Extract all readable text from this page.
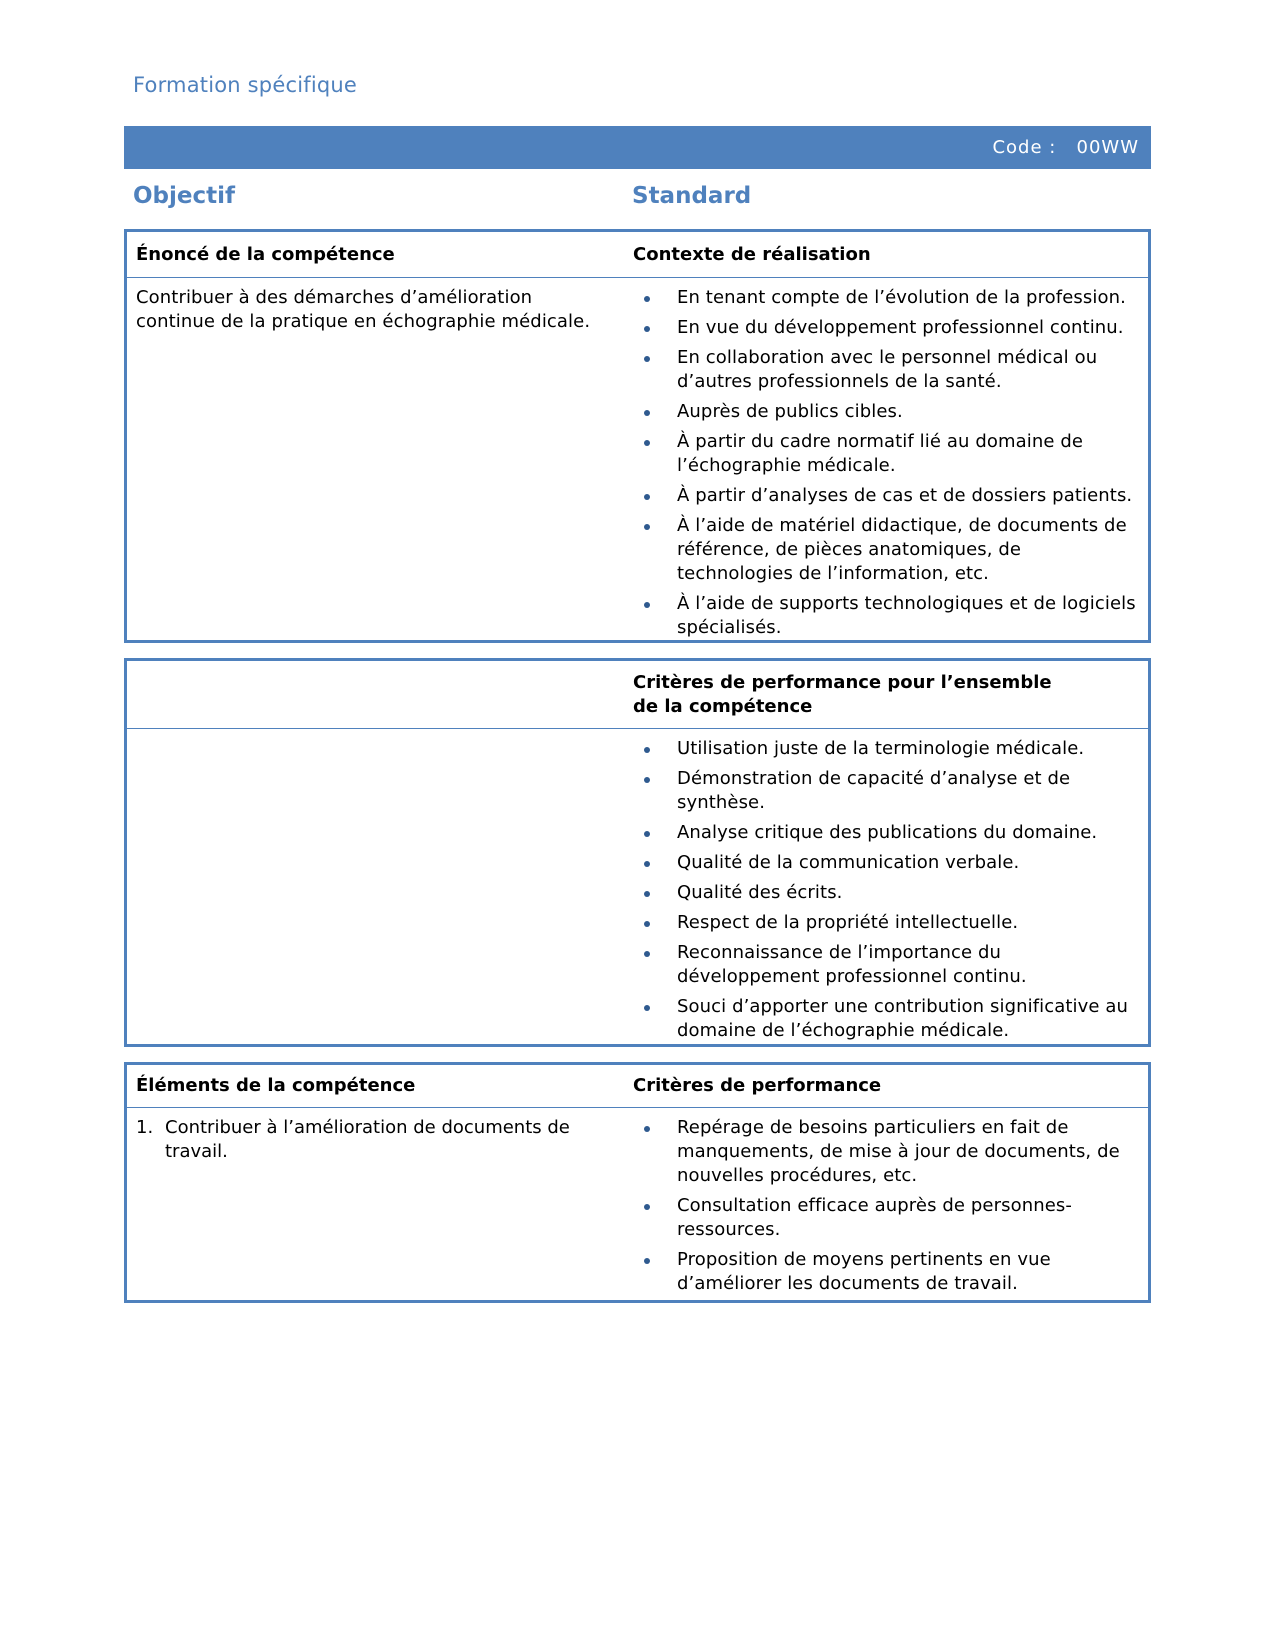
Formation spécifique
Code : 00WW
Objectif	Standard
Énoncé de la compétence	Contexte de réalisation
Contribuer à des démarches d’amélioration continue de la pratique en échographie médicale.
En tenant compte de l’évolution de la profession.
En vue du développement professionnel continu.
En collaboration avec le personnel médical ou d’autres professionnels de la santé.
Auprès de publics cibles.
À partir du cadre normatif lié au domaine de l’échographie médicale.
À partir d’analyses de cas et de dossiers patients.
À l’aide de matériel didactique, de documents de référence, de pièces anatomiques, de technologies de l’information, etc.
À l’aide de supports technologiques et de logiciels spécialisés.
Critères de performance pour l’ensemble
de la compétence
Utilisation juste de la terminologie médicale.
Démonstration de capacité d’analyse et de synthèse.
Analyse critique des publications du domaine.
Qualité de la communication verbale.
Qualité des écrits.
Respect de la propriété intellectuelle.
Reconnaissance de l’importance du développement professionnel continu.
Souci d’apporter une contribution significative au domaine de l’échographie médicale.
Éléments de la compétence	Critères de performance
1. Contribuer à l’amélioration de documents de travail.
Repérage de besoins particuliers en fait de manquements, de mise à jour de documents, de nouvelles procédures, etc.
Consultation efficace auprès de personnes-ressources.
Proposition de moyens pertinents en vue d’améliorer les documents de travail.
